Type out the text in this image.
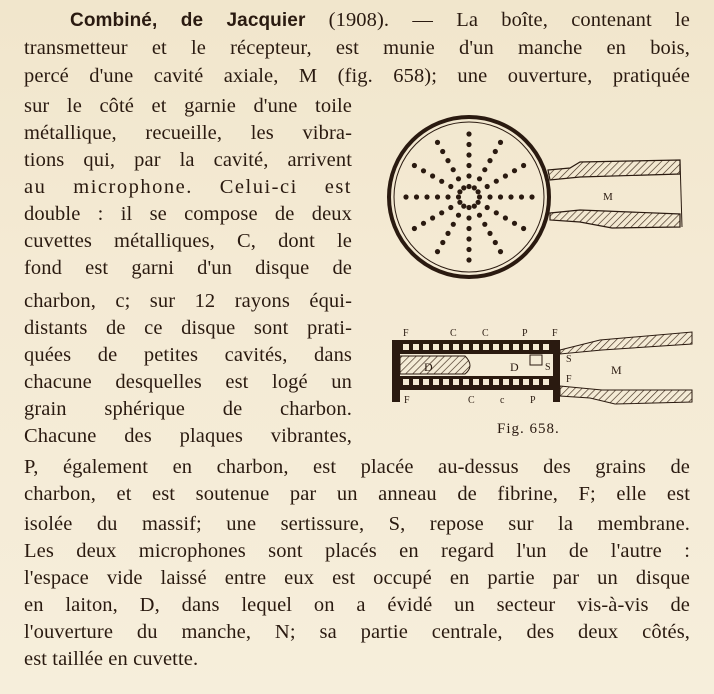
Combiné, de Jacquier (1908). — La boîte, contenant le
transmetteur et le récepteur, est munie d'un manche en bois,
percé d'une cavité axiale, M (fig. 658); une ouverture, pratiquée
sur le côté et garnie d'une toile
métallique, recueille, les vibra-
tions qui, par la cavité, arrivent
au microphone. Celui-ci est
double : il se compose de deux
cuvettes métalliques, C, dont le
fond est garni d'un disque de
charbon, c; sur 12 rayons équi-
distants de ce disque sont prati-
quées de petites cavités, dans
chacune desquelles est logé un
grain sphérique de charbon.
Chacune des plaques vibrantes,
P, également en charbon, est placée au-dessus des grains de
charbon, et est soutenue par un anneau de fibrine, F; elle est
isolée du massif; une sertissure, S, repose sur la membrane.
Les deux microphones sont placés en regard l'un de l'autre :
l'espace vide laissé entre eux est occupé en partie par un disque
en laiton, D, dans lequel on a évidé un secteur vis-à-vis de
l'ouverture du manche, N; sa partie centrale, des deux côtés,
est taillée en cuvette.
M
F	C	C	P F
F	C	c	P
D	D	S
S
F
M
Fig. 658.
